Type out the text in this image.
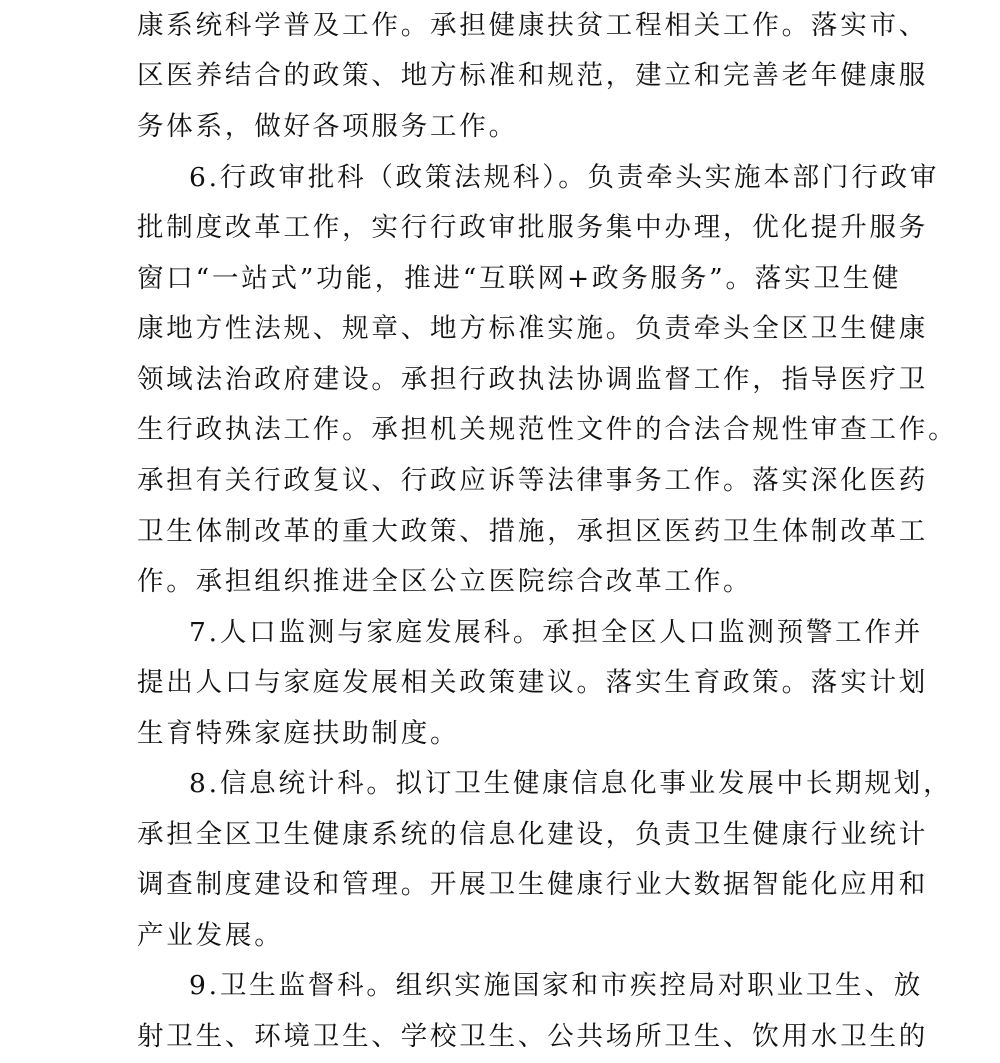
康系统科学普及工作。承担健康扶贫工程相关工作。落实市、
区医养结合的政策、地方标准和规范，建立和完善老年健康服
务体系，做好各项服务工作。
6.行政审批科（政策法规科）。负责牵头实施本部门行政审
批制度改革工作，实行行政审批服务集中办理，优化提升服务
窗口“一站式”功能，推进“互联网+政务服务”。落实卫生健
康地方性法规、规章、地方标准实施。负责牵头全区卫生健康
领域法治政府建设。承担行政执法协调监督工作，指导医疗卫
生行政执法工作。承担机关规范性文件的合法合规性审查工作。
承担有关行政复议、行政应诉等法律事务工作。落实深化医药
卫生体制改革的重大政策、措施，承担区医药卫生体制改革工
作。承担组织推进全区公立医院综合改革工作。
7.人口监测与家庭发展科。承担全区人口监测预警工作并
提出人口与家庭发展相关政策建议。落实生育政策。落实计划
生育特殊家庭扶助制度。
8.信息统计科。拟订卫生健康信息化事业发展中长期规划，
承担全区卫生健康系统的信息化建设，负责卫生健康行业统计
调查制度建设和管理。开展卫生健康行业大数据智能化应用和
产业发展。
9.卫生监督科。组织实施国家和市疾控局对职业卫生、放
射卫生、环境卫生、学校卫生、公共场所卫生、饮用水卫生的
